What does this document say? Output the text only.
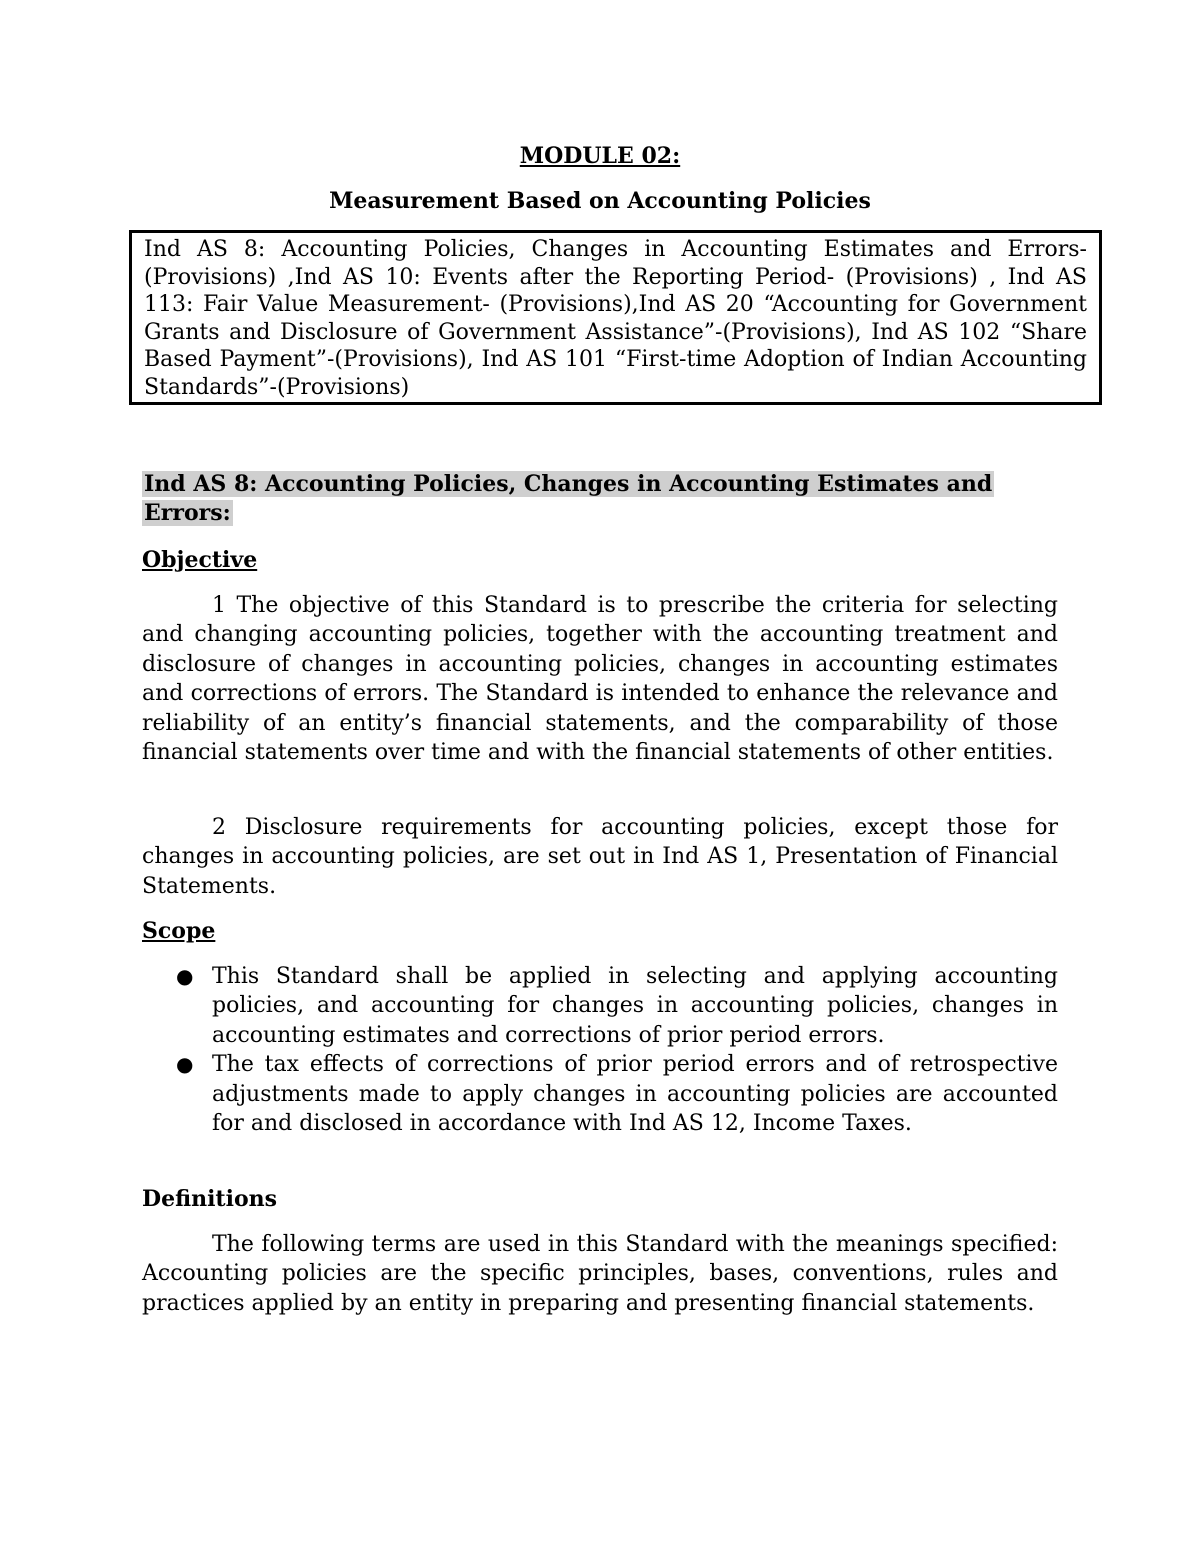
MODULE 02:
Measurement Based on Accounting Policies
Ind AS 8: Accounting Policies, Changes in Accounting Estimates and Errors- (Provisions) ,Ind AS 10: Events after the Reporting Period- (Provisions) , Ind AS 113: Fair Value Measurement- (Provisions),Ind AS 20 “Accounting for Government Grants and Disclosure of Government Assistance”-(Provisions), Ind AS 102 “Share Based Payment”-(Provisions), Ind AS 101 “First-time Adoption of Indian Accounting Standards”-(Provisions)
Ind AS 8: Accounting Policies, Changes in Accounting Estimates and Errors:
Objective

1 The objective of this Standard is to prescribe the criteria for selecting and changing accounting policies, together with the accounting treatment and disclosure of changes in accounting policies, changes in accounting estimates and corrections of errors. The Standard is intended to enhance the relevance and reliability of an entity’s financial statements, and the comparability of those financial statements over time and with the financial statements of other entities.

2 Disclosure requirements for accounting policies, except those for changes in accounting policies, are set out in Ind AS 1, Presentation of Financial Statements.

Scope
● This Standard shall be applied in selecting and applying accounting policies, and accounting for changes in accounting policies, changes in accounting estimates and corrections of prior period errors.
● The tax effects of corrections of prior period errors and of retrospective adjustments made to apply changes in accounting policies are accounted for and disclosed in accordance with Ind AS 12, Income Taxes.
Definitions

The following terms are used in this Standard with the meanings specified: Accounting policies are the specific principles, bases, conventions, rules and practices applied by an entity in preparing and presenting financial statements.
